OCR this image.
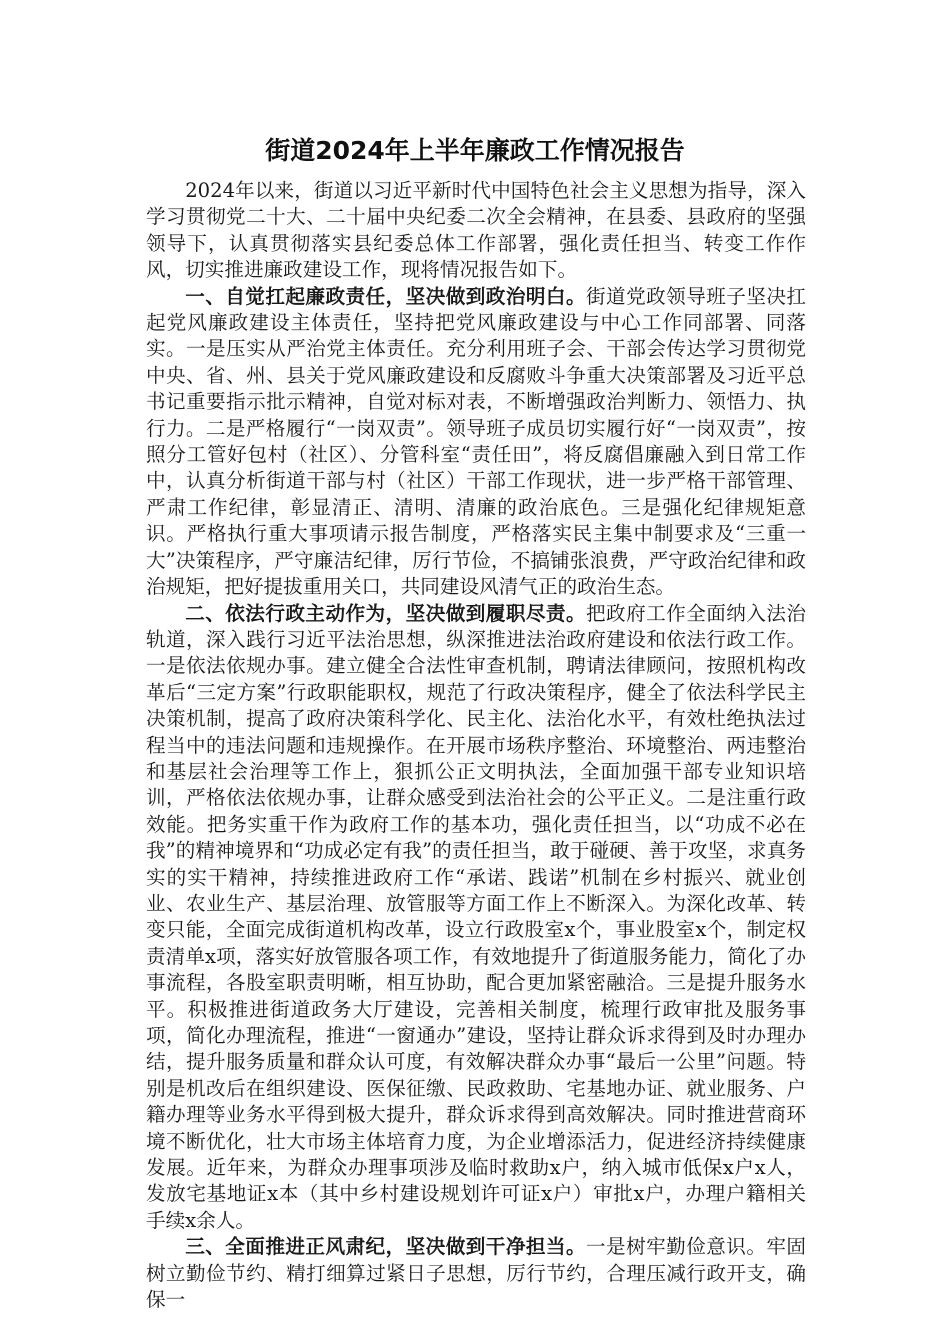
街道2024年上半年廉政工作情况报告

2024年以来，街道以习近平新时代中国特色社会主义思想为指导，深入学习贯彻党二十大、二十届中央纪委二次全会精神，在县委、县政府的坚强领导下，认真贯彻落实县纪委总体工作部署，强化责任担当、转变工作作风，切实推进廉政建设工作，现将情况报告如下。

一、自觉扛起廉政责任，坚决做到政治明白。街道党政领导班子坚决扛起党风廉政建设主体责任，坚持把党风廉政建设与中心工作同部署、同落实。一是压实从严治党主体责任。充分利用班子会、干部会传达学习贯彻党中央、省、州、县关于党风廉政建设和反腐败斗争重大决策部署及习近平总书记重要指示批示精神，自觉对标对表，不断增强政治判断力、领悟力、执行力。二是严格履行“一岗双责”。领导班子成员切实履行好“一岗双责”，按照分工管好包村（社区）、分管科室“责任田”，将反腐倡廉融入到日常工作中，认真分析街道干部与村（社区）干部工作现状，进一步严格干部管理、严肃工作纪律，彰显清正、清明、清廉的政治底色。三是强化纪律规矩意识。严格执行重大事项请示报告制度，严格落实民主集中制要求及“三重一大”决策程序，严守廉洁纪律，厉行节俭，不搞铺张浪费，严守政治纪律和政治规矩，把好提拔重用关口，共同建设风清气正的政治生态。

二、依法行政主动作为，坚决做到履职尽责。把政府工作全面纳入法治轨道，深入践行习近平法治思想，纵深推进法治政府建设和依法行政工作。一是依法依规办事。建立健全合法性审查机制，聘请法律顾问，按照机构改革后“三定方案”行政职能职权，规范了行政决策程序，健全了依法科学民主决策机制，提高了政府决策科学化、民主化、法治化水平，有效杜绝执法过程当中的违法问题和违规操作。在开展市场秩序整治、环境整治、两违整治和基层社会治理等工作上，狠抓公正文明执法，全面加强干部专业知识培训，严格依法依规办事，让群众感受到法治社会的公平正义。二是注重行政效能。把务实重干作为政府工作的基本功，强化责任担当，以“功成不必在我”的精神境界和“功成必定有我”的责任担当，敢于碰硬、善于攻坚，求真务实的实干精神，持续推进政府工作“承诺、践诺”机制在乡村振兴、就业创业、农业生产、基层治理、放管服等方面工作上不断深入。为深化改革、转变只能，全面完成街道机构改革，设立行政股室x个，事业股室x个，制定权责清单x项，落实好放管服各项工作，有效地提升了街道服务能力，简化了办事流程，各股室职责明晰，相互协助，配合更加紧密融洽。三是提升服务水平。积极推进街道政务大厅建设，完善相关制度，梳理行政审批及服务事项，简化办理流程，推进“一窗通办”建设，坚持让群众诉求得到及时办理办结，提升服务质量和群众认可度，有效解决群众办事“最后一公里”问题。特别是机改后在组织建设、医保征缴、民政救助、宅基地办证、就业服务、户籍办理等业务水平得到极大提升，群众诉求得到高效解决。同时推进营商环境不断优化，壮大市场主体培育力度，为企业增添活力，促进经济持续健康发展。近年来，为群众办理事项涉及临时救助x户，纳入城市低保x户x人，发放宅基地证x本（其中乡村建设规划许可证x户）审批x户，办理户籍相关手续x余人。

三、全面推进正风肃纪，坚决做到干净担当。一是树牢勤俭意识。牢固树立勤俭节约、精打细算过紧日子思想，厉行节约，合理压减行政开支，确保一
